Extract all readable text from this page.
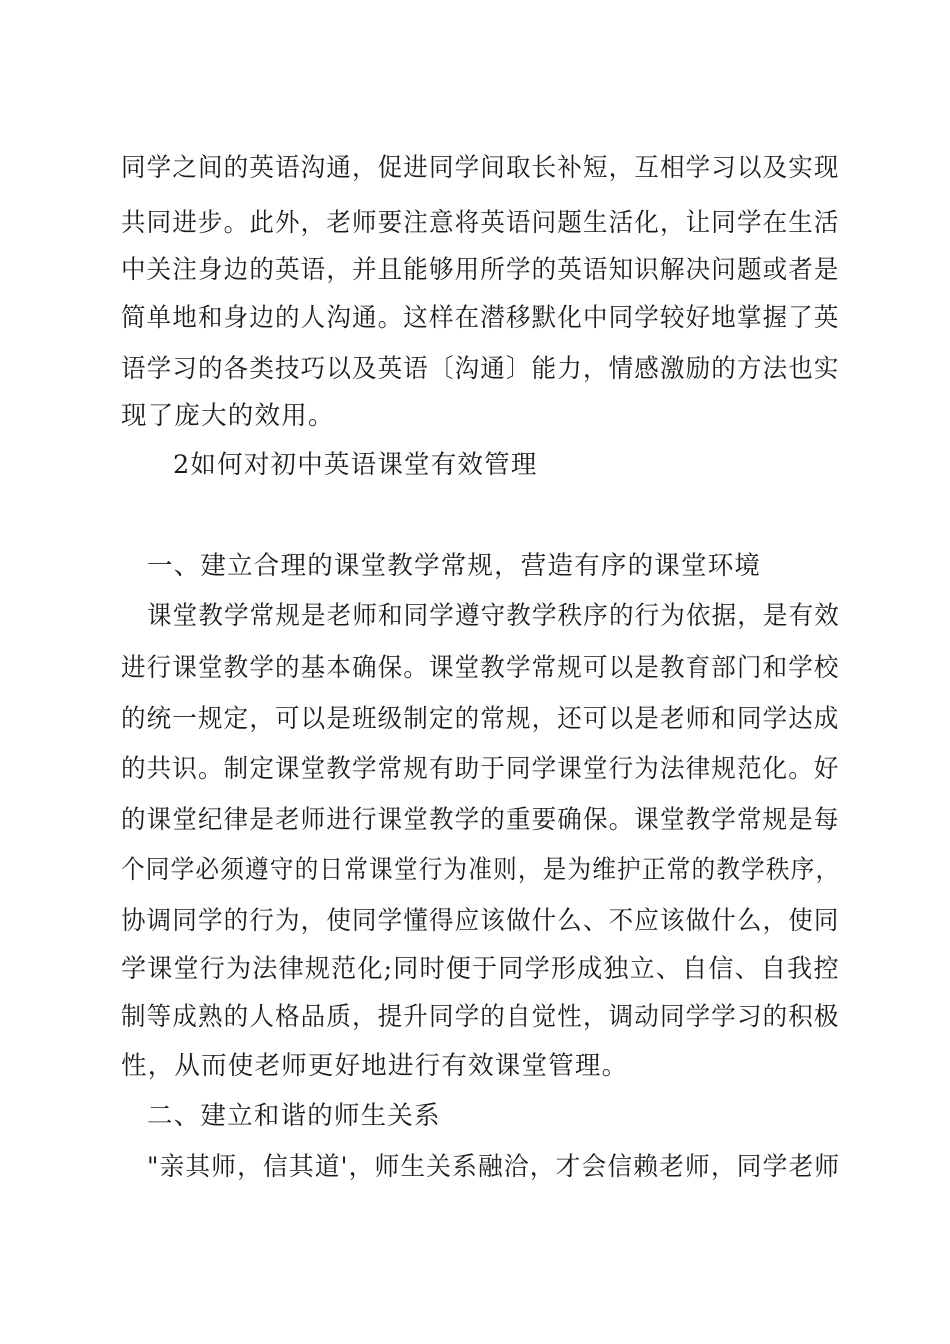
同学之间的英语沟通，促进同学间取长补短，互相学习以及实现
共同进步。此外，老师要注意将英语问题生活化，让同学在生活
中关注身边的英语，并且能够用所学的英语知识解决问题或者是
简单地和身边的人沟通。这样在潜移默化中同学较好地掌握了英
语学习的各类技巧以及英语〔沟通〕能力，情感激励的方法也实
现了庞大的效用。
2如何对初中英语课堂有效管理
一、建立合理的课堂教学常规，营造有序的课堂环境
课堂教学常规是老师和同学遵守教学秩序的行为依据，是有效
进行课堂教学的基本确保。课堂教学常规可以是教育部门和学校
的统一规定，可以是班级制定的常规，还可以是老师和同学达成
的共识。制定课堂教学常规有助于同学课堂行为法律规范化。好
的课堂纪律是老师进行课堂教学的重要确保。课堂教学常规是每
个同学必须遵守的日常课堂行为准则，是为维护正常的教学秩序，
协调同学的行为，使同学懂得应该做什么、不应该做什么，使同
学课堂行为法律规范化;同时便于同学形成独立、自信、自我控
制等成熟的人格品质，提升同学的自觉性，调动同学学习的积极
性，从而使老师更好地进行有效课堂管理。
二、建立和谐的师生关系
"亲其师，信其道'，师生关系融洽，才会信赖老师，同学老师
